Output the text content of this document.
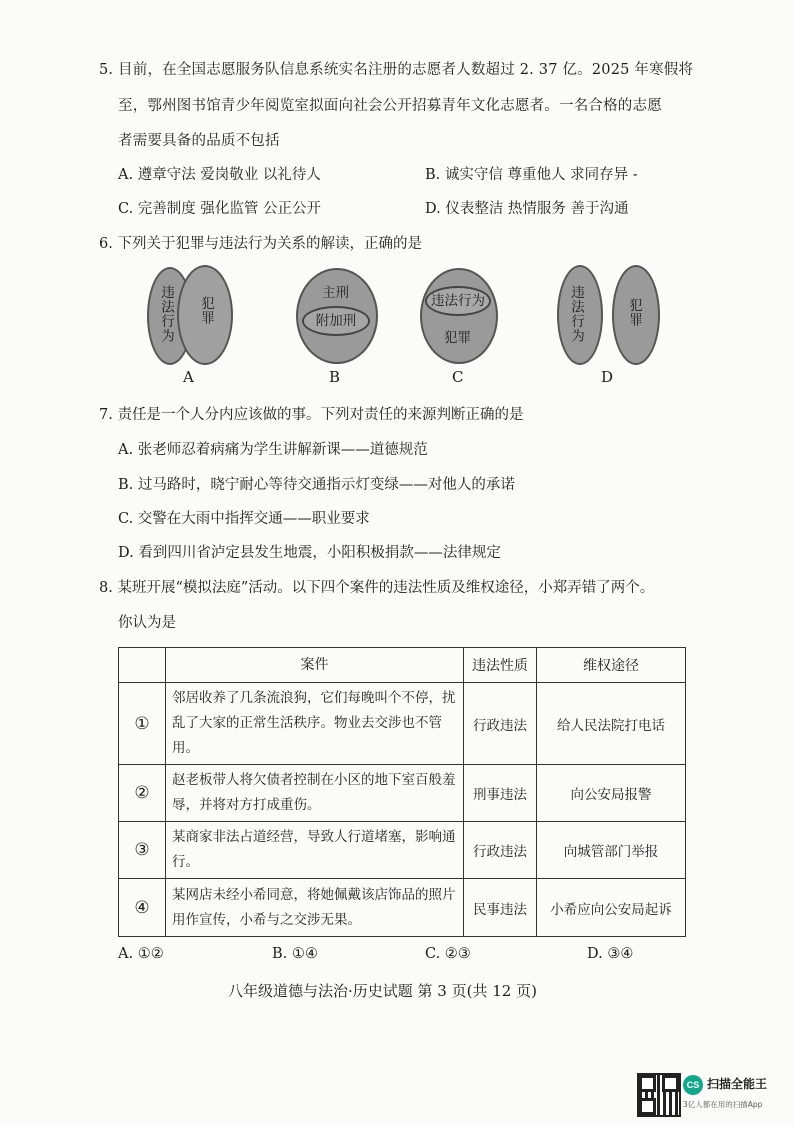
5. 目前，在全国志愿服务队信息系统实名注册的志愿者人数超过 2. 37 亿。2025 年寒假将
至，鄂州图书馆青少年阅览室拟面向社会公开招募青年文化志愿者。一名合格的志愿
者需要具备的品质不包括
A. 遵章守法 爱岗敬业 以礼待人	B. 诚实守信 尊重他人 求同存异 -
C. 完善制度 强化监管 公正公开	D. 仪表整洁 热情服务 善于沟通
6. 下列关于犯罪与违法行为关系的解读，正确的是
违法行为 犯罪
A
主刑
附加刑
B
违法行为
犯罪
C
违法行为	犯罪
D
7. 责任是一个人分内应该做的事。下列对责任的来源判断正确的是
A. 张老师忍着病痛为学生讲解新课——道德规范
B. 过马路时，晓宁耐心等待交通指示灯变绿——对他人的承诺
C. 交警在大雨中指挥交通——职业要求
D. 看到四川省泸定县发生地震，小阳积极捐款——法律规定
8. 某班开展“模拟法庭”活动。以下四个案件的违法性质及维权途径，小郑弄错了两个。
你认为是
	案件	违法性质	维权途径
①	邻居收养了几条流浪狗，它们每晚叫个不停，扰乱了大家的正常生活秩序。物业去交涉也不管用。	行政违法	给人民法院打电话
②	赵老板带人将欠债者控制在小区的地下室百般羞辱，并将对方打成重伤。	刑事违法	向公安局报警
③	某商家非法占道经营，导致人行道堵塞，影响通行。	行政违法	向城管部门举报
④	某网店未经小希同意，将她佩戴该店饰品的照片用作宣传，小希与之交涉无果。	民事违法	小希应向公安局起诉
A. ①②	B. ①④	C. ②③	D. ③④
八年级道德与法治·历史试题 第 3 页(共 12 页)
CS 扫描全能王
3亿人都在用的扫描App
